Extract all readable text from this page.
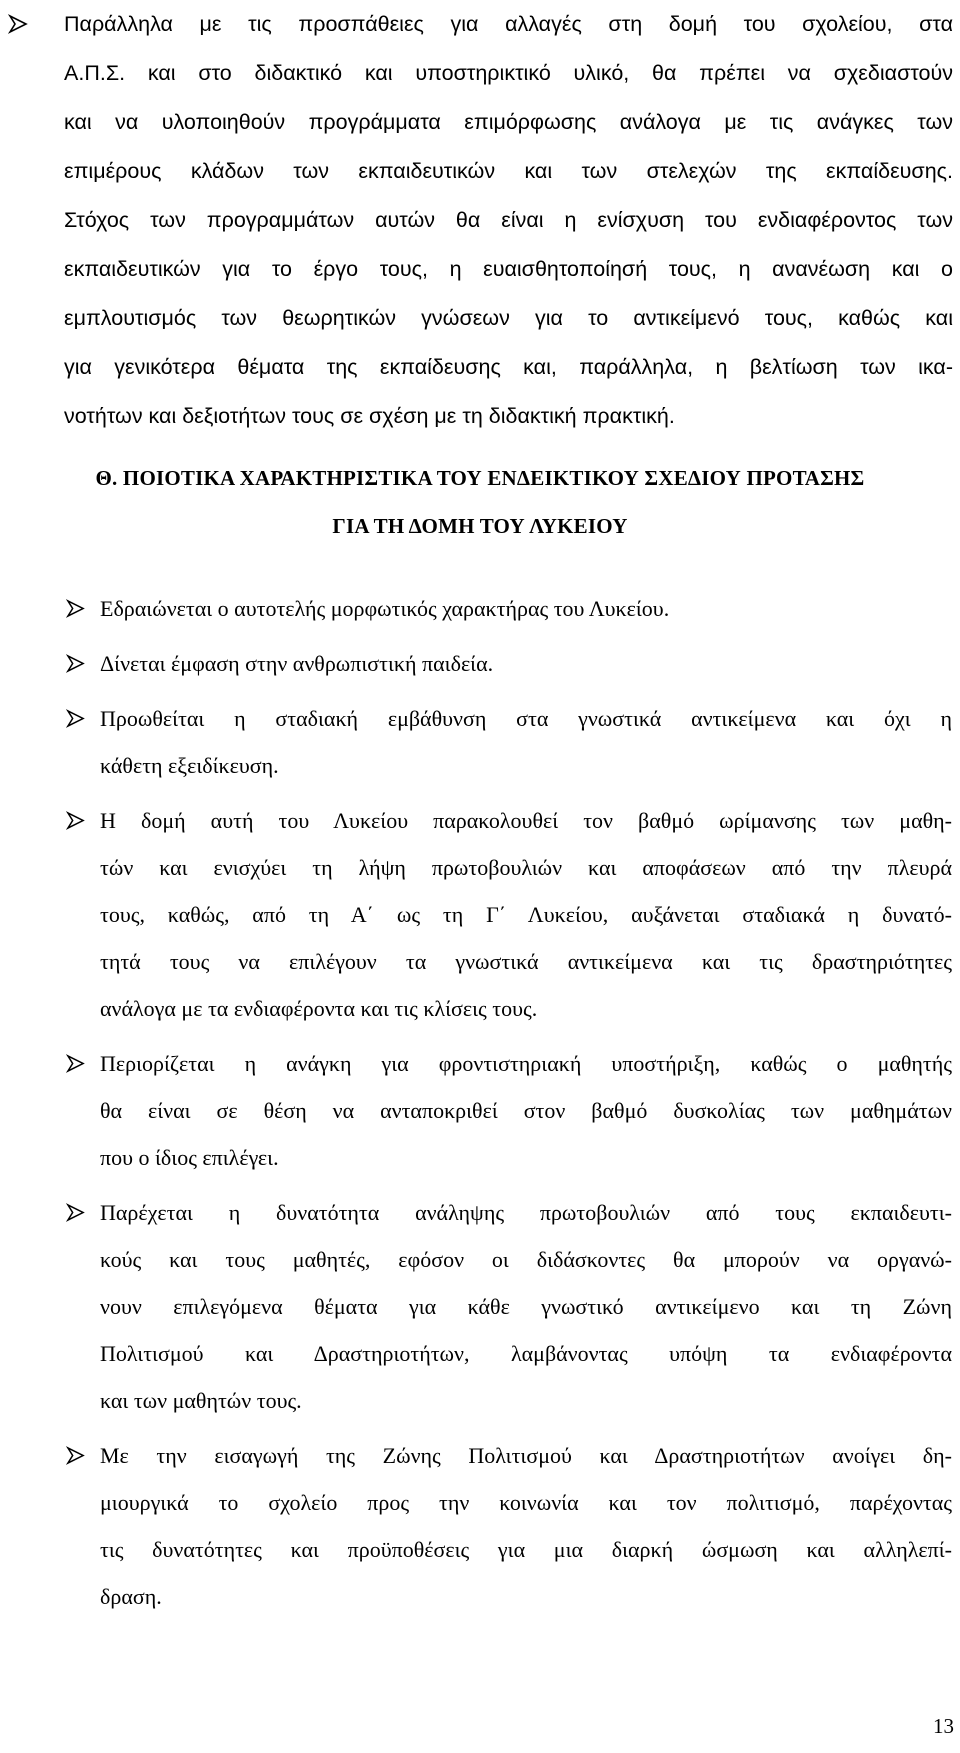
Παράλληλα με τις προσπάθειες για αλλαγές στη δομή του σχολείου, στα
Α.Π.Σ. και στο διδακτικό και υποστηρικτικό υλικό, θα πρέπει να σχεδιαστούν
και να υλοποιηθούν προγράμματα επιμόρφωσης ανάλογα με τις ανάγκες των
επιμέρους κλάδων των εκπαιδευτικών και των στελεχών της εκπαίδευσης.
Στόχος των προγραμμάτων αυτών θα είναι η ενίσχυση του ενδιαφέροντος των
εκπαιδευτικών για το έργο τους, η ευαισθητοποίησή τους, η ανανέωση και ο
εμπλουτισμός των θεωρητικών γνώσεων για το αντικείμενό τους, καθώς και
για γενικότερα θέματα της εκπαίδευσης και, παράλληλα, η βελτίωση των ικα-
νοτήτων και δεξιοτήτων τους σε σχέση με τη διδακτική πρακτική.

Θ. ΠΟΙΟΤΙΚΑ ΧΑΡΑΚΤΗΡΙΣΤΙΚΑ ΤΟΥ ΕΝΔΕΙΚΤΙΚΟΥ ΣΧΕΔΙΟΥ ΠΡΟΤΑΣΗΣ
ΓΙΑ ΤΗ ΔΟΜΗ ΤΟΥ ΛΥΚΕΙΟΥ

Εδραιώνεται ο αυτοτελής μορφωτικός χαρακτήρας του Λυκείου.

Δίνεται έμφαση στην ανθρωπιστική παιδεία.

Προωθείται η σταδιακή εμβάθυνση στα γνωστικά αντικείμενα και όχι η
κάθετη εξειδίκευση.

Η δομή αυτή του Λυκείου παρακολουθεί τον βαθμό ωρίμανσης των μαθη-
τών και ενισχύει τη λήψη πρωτοβουλιών και αποφάσεων από την πλευρά
τους, καθώς, από τη Α΄ ως τη Γ΄ Λυκείου, αυξάνεται σταδιακά η δυνατό-
τητά τους να επιλέγουν τα γνωστικά αντικείμενα και τις δραστηριότητες
ανάλογα με τα ενδιαφέροντα και τις κλίσεις τους.

Περιορίζεται η ανάγκη για φροντιστηριακή υποστήριξη, καθώς ο μαθητής
θα είναι σε θέση να ανταποκριθεί στον βαθμό δυσκολίας των μαθημάτων
που ο ίδιος επιλέγει.

Παρέχεται η δυνατότητα ανάληψης πρωτοβουλιών από τους εκπαιδευτι-
κούς και τους μαθητές, εφόσον οι διδάσκοντες θα μπορούν να οργανώ-
νουν επιλεγόμενα θέματα για κάθε γνωστικό αντικείμενο και τη Ζώνη
Πολιτισμού και Δραστηριοτήτων, λαμβάνοντας υπόψη τα ενδιαφέροντα
και των μαθητών τους.

Με την εισαγωγή της Ζώνης Πολιτισμού και Δραστηριοτήτων ανοίγει δη-
μιουργικά το σχολείο προς την κοινωνία και τον πολιτισμό, παρέχοντας
τις δυνατότητες και προϋποθέσεις για μια διαρκή ώσμωση και αλληλεπί-
δραση.

13
